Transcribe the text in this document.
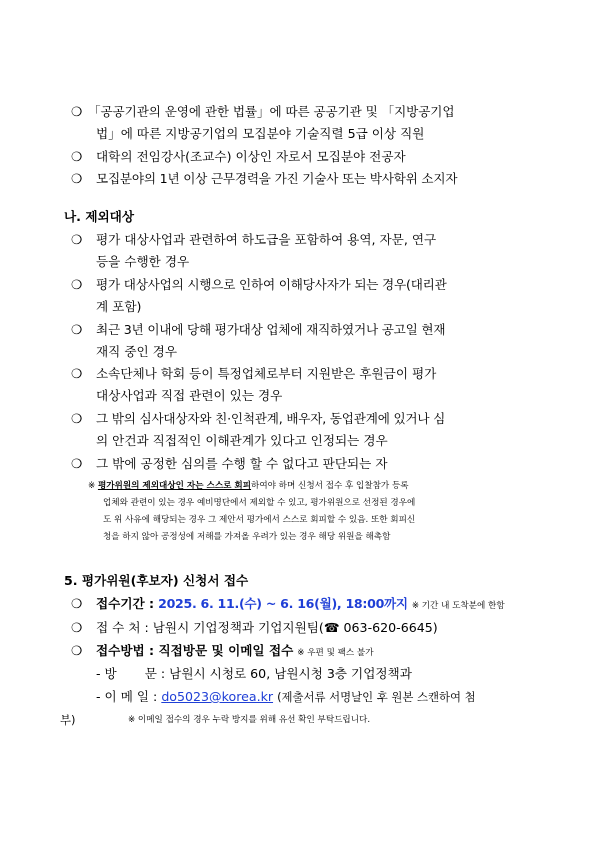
❍ 「공공기관의 운영에 관한 법률」에 따른 공공기관 및 「지방공기업
법」에 따른 지방공기업의 모집분야 기술직렬 5급 이상 직원
❍ 대학의 전임강사(조교수) 이상인 자로서 모집분야 전공자
❍ 모집분야의 1년 이상 근무경력을 가진 기술사 또는 박사학위 소지자
나. 제외대상
❍ 평가 대상사업과 관련하여 하도급을 포함하여 용역, 자문, 연구
등을 수행한 경우
❍ 평가 대상사업의 시행으로 인하여 이해당사자가 되는 경우(대리관
계 포함)
❍ 최근 3년 이내에 당해 평가대상 업체에 재직하였거나 공고일 현재
재직 중인 경우
❍ 소속단체나 학회 등이 특정업체로부터 지원받은 후원금이 평가
대상사업과 직접 관련이 있는 경우
❍ 그 밖의 심사대상자와 친·인척관계, 배우자, 동업관계에 있거나 심
의 안건과 직접적인 이해관계가 있다고 인정되는 경우
❍ 그 밖에 공정한 심의를 수행 할 수 없다고 판단되는 자
※ 평가위원의 제외대상인 자는 스스로 회피하여야 하며 신청서 접수 후 입찰참가 등록
업체와 관련이 있는 경우 예비명단에서 제외할 수 있고, 평가위원으로 선정된 경우에
도 위 사유에 해당되는 경우 그 제안서 평가에서 스스로 회피할 수 있음. 또한 회피신
청을 하지 않아 공정성에 저해를 가져올 우려가 있는 경우 해당 위원을 해촉함
5. 평가위원(후보자) 신청서 접수
❍ 접수기간 : 2025. 6. 11.(수) ~ 6. 16(월), 18:00까지 ※ 기간 내 도착분에 한함
❍ 접 수 처 : 남원시 기업정책과 기업지원팀(☎ 063-620-6645)
❍ 접수방법 : 직접방문 및 이메일 접수 ※ 우편 및 팩스 불가
- 방       문 : 남원시 시청로 60, 남원시청 3층 기업정책과
- 이 메 일 : do5023@korea.kr (제출서류 서명날인 후 원본 스캔하여 첨
부)	※ 이메일 접수의 경우 누락 방지를 위해 유선 확인 부탁드립니다.
